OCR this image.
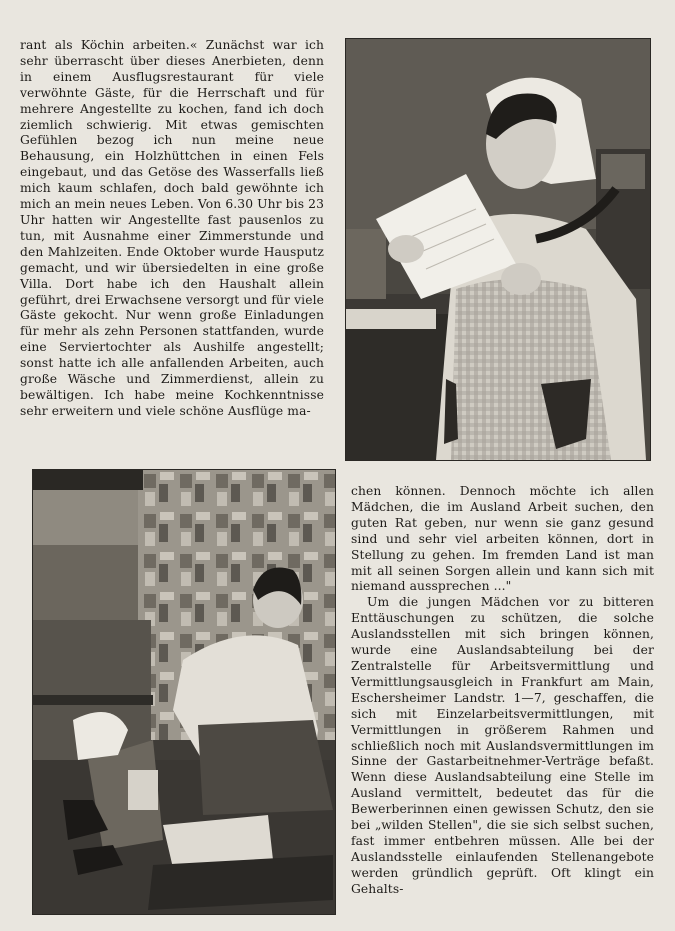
rant als Köchin arbeiten.« Zunächst war ich sehr überrascht über dieses Anerbieten, denn in einem Ausflugsrestaurant für viele verwöhnte Gäste, für die Herrschaft und für mehrere Angestellte zu kochen, fand ich doch ziemlich schwierig. Mit etwas gemischten Gefühlen bezog ich nun meine neue Behausung, ein Holzhüttchen in einen Fels eingebaut, und das Getöse des Wasserfalls ließ mich kaum schlafen, doch bald gewöhnte ich mich an mein neues Leben. Von 6.30 Uhr bis 23 Uhr hatten wir Angestellte fast pausenlos zu tun, mit Ausnahme einer Zimmerstunde und den Mahlzeiten. Ende Oktober wurde Hausputz gemacht, und wir übersiedelten in eine große Villa. Dort habe ich den Haushalt allein geführt, drei Erwachsene versorgt und für viele Gäste gekocht. Nur wenn große Einladungen für mehr als zehn Personen stattfanden, wurde eine Serviertochter als Aushilfe angestellt; sonst hatte ich alle anfallenden Arbeiten, auch große Wäsche und Zimmerdienst, allein zu bewältigen. Ich habe meine Kochkenntnisse sehr erweitern und viele schöne Ausflüge ma-

chen können. Dennoch möchte ich allen Mädchen, die im Ausland Arbeit suchen, den guten Rat geben, nur wenn sie ganz gesund sind und sehr viel arbeiten können, dort in Stellung zu gehen. Im fremden Land ist man mit all seinen Sorgen allein und kann sich mit niemand aussprechen ..."

Um die jungen Mädchen vor zu bitteren Enttäuschungen zu schützen, die solche Auslandsstellen mit sich bringen können, wurde eine Auslandsabteilung bei der Zentralstelle für Arbeitsvermittlung und Vermittlungsausgleich in Frankfurt am Main, Eschersheimer Landstr. 1—7, geschaffen, die sich mit Einzelarbeitsvermittlungen, mit Vermittlungen in größerem Rahmen und schließlich noch mit Auslandsvermittlungen im Sinne der Gastarbeitnehmer-Verträge befaßt. Wenn diese Auslandsabteilung eine Stelle im Ausland vermittelt, bedeutet das für die Bewerberinnen einen gewissen Schutz, den sie bei „wilden Stellen", die sie sich selbst suchen, fast immer entbehren müssen. Alle bei der Auslandsstelle einlaufenden Stellenangebote werden gründlich geprüft. Oft klingt ein Gehalts-
